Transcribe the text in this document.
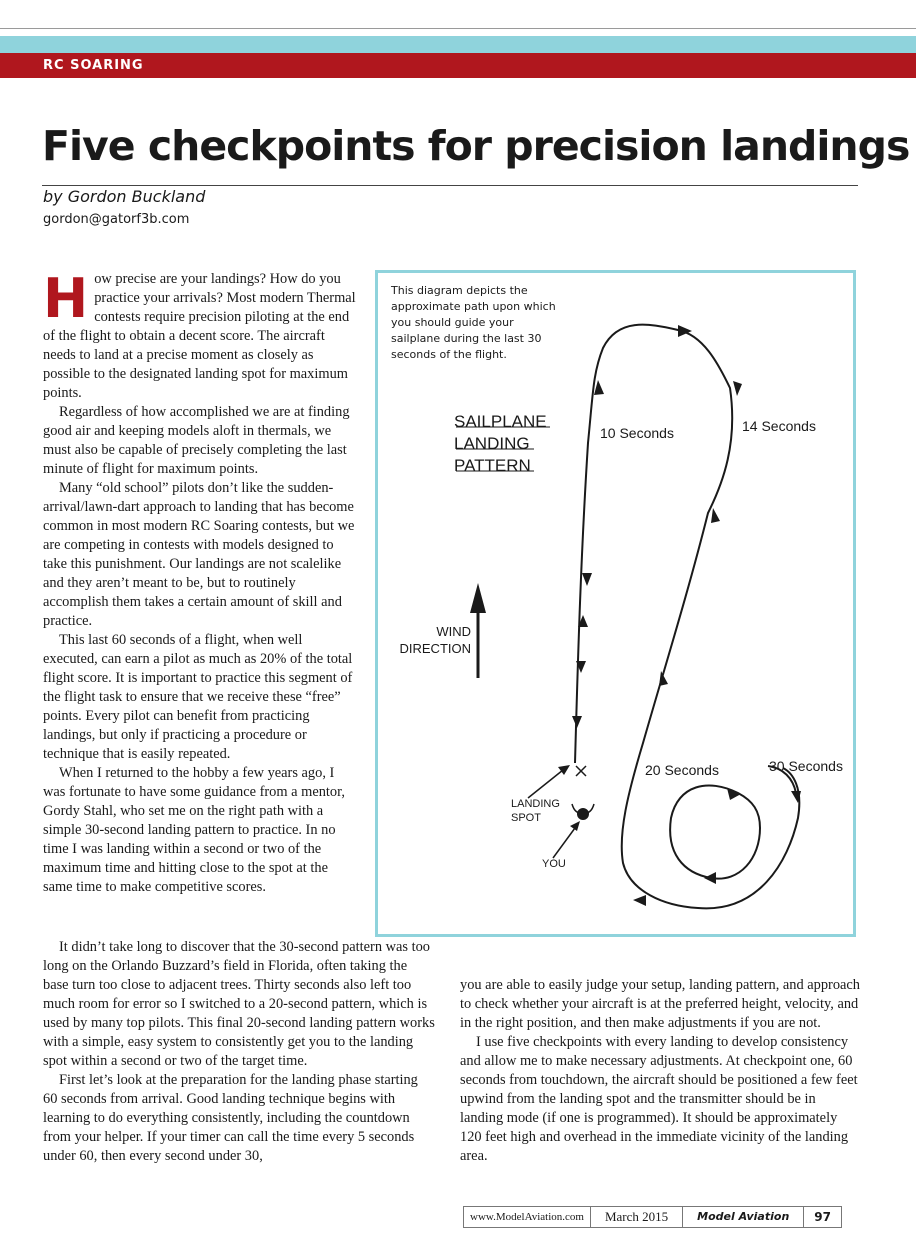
RC SOARING
Five checkpoints for precision landings
by Gordon Buckland
gordon@gatorf3b.com

How precise are your landings? How do you practice your arrivals? Most modern Thermal contests require precision piloting at the end of the flight to obtain a decent score. The aircraft needs to land at a precise moment as closely as possible to the designated landing spot for maximum points.

Regardless of how accomplished we are at finding good air and keeping models aloft in thermals, we must also be capable of precisely completing the last minute of flight for maximum points.

Many “old school” pilots don’t like the sudden-arrival/lawn-dart approach to landing that has become common in most modern RC Soaring contests, but we are competing in contests with models designed to take this punishment. Our landings are not scalelike and they aren’t meant to be, but to routinely accomplish them takes a certain amount of skill and practice.

This last 60 seconds of a flight, when well executed, can earn a pilot as much as 20% of the total flight score. It is important to practice this segment of the flight task to ensure that we receive these “free” points. Every pilot can benefit from practicing landings, but only if practicing a procedure or technique that is easily repeated.

When I returned to the hobby a few years ago, I was fortunate to have some guidance from a mentor, Gordy Stahl, who set me on the right path with a simple 30-second landing pattern to practice. In no time I was landing within a second or two of the maximum time and hitting close to the spot at the same time to make competitive scores.

It didn’t take long to discover that the 30-second pattern was too long on the Orlando Buzzard’s field in Florida, often taking the base turn too close to adjacent trees. Thirty seconds also left too much room for error so I switched to a 20-second pattern, which is used by many top pilots. This final 20-second landing pattern works with a simple, easy system to consistently get you to the landing spot within a second or two of the target time.

First let’s look at the preparation for the landing phase starting 60 seconds from arrival. Good landing technique begins with learning to do everything consistently, including the countdown from your helper. If your timer can call the time every 5 seconds under 60, then every second under 30,

you are able to easily judge your setup, landing pattern, and approach to check whether your aircraft is at the preferred height, velocity, and in the right position, and then make adjustments if you are not.

I use five checkpoints with every landing to develop consistency and allow me to make necessary adjustments. At checkpoint one, 60 seconds from touchdown, the aircraft should be positioned a few feet upwind from the landing spot and the transmitter should be in landing mode (if one is programmed). It should be approximately 120 feet high and overhead in the immediate vicinity of the landing area.

This diagram depicts the approximate path upon which you should guide your sailplane during the last 30 seconds of the flight.
SAILPLANE
LANDING
PATTERN
WIND
DIRECTION
10 Seconds	14 Seconds
20 Seconds	30 Seconds
LANDING
SPOT
YOU
www.ModelAviation.com	March 2015	Model Aviation	97
